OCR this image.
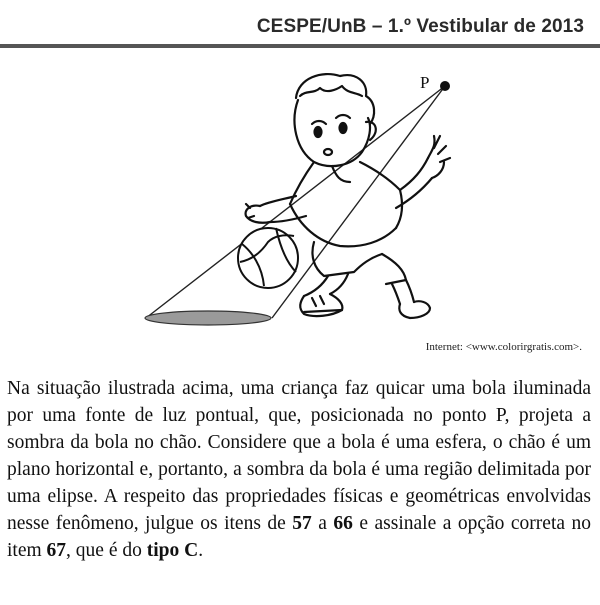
CESPE/UnB – 1.º Vestibular de 2013
P
Internet: <www.colorirgratis.com>.
Na situação ilustrada acima, uma criança faz quicar uma bola iluminada por uma fonte de luz pontual, que, posicionada no ponto P, projeta a sombra da bola no chão. Considere que a bola é uma esfera, o chão é um plano horizontal e, portanto, a sombra da bola é uma região delimitada por uma elipse. A respeito das propriedades físicas e geométricas envolvidas nesse fenômeno, julgue os itens de 57 a 66 e assinale a opção correta no item 67, que é do tipo C.
